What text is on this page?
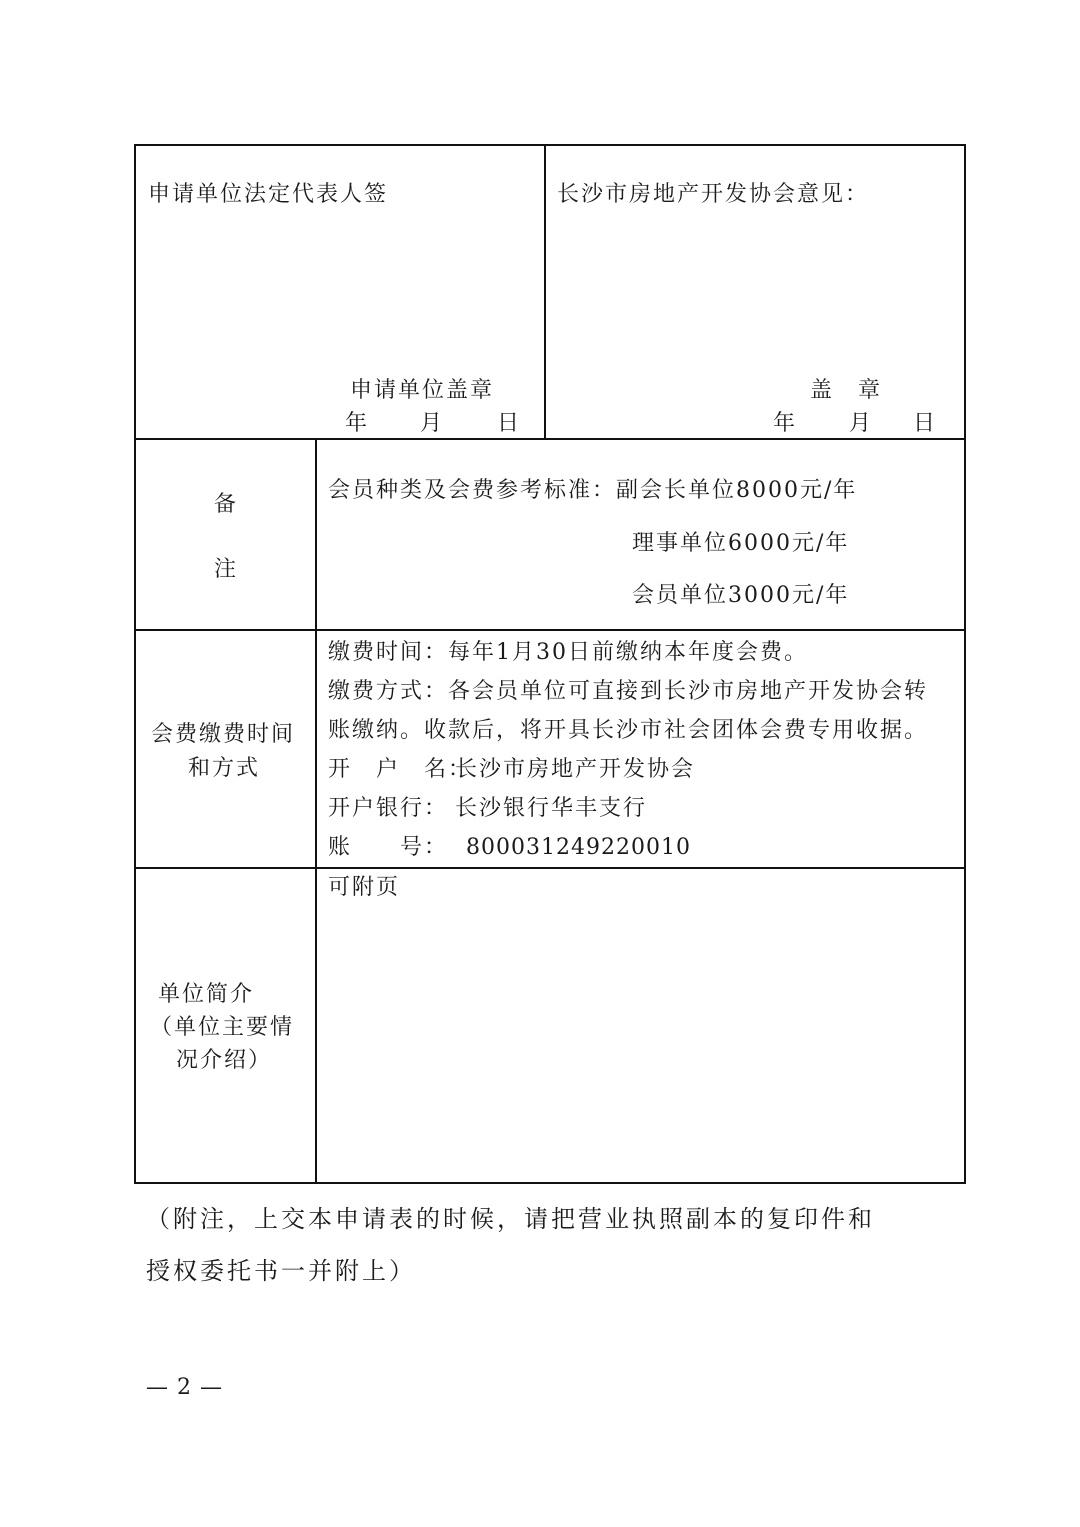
申请单位法定代表人签
申请单位盖章
年 月 日
长沙市房地产开发协会意见：
盖　章
年 月 日
备
注
会员种类及会费参考标准：副会长单位8000元/年
理事单位6000元/年
会员单位3000元/年
会费缴费时间
和方式
缴费时间：每年1月30日前缴纳本年度会费。
缴费方式：各会员单位可直接到长沙市房地产开发协会转
账缴纳。收款后，将开具长沙市社会团体会费专用收据。
开　户　名：
长沙市房地产开发协会
开户银行： 长沙银行华丰支行
账　　号： 800031249220010
单位简介
（单位主要情
况介绍）
可附页
（附注，上交本申请表的时候，请把营业执照副本的复印件和
授权委托书一并附上）
— 2 —
